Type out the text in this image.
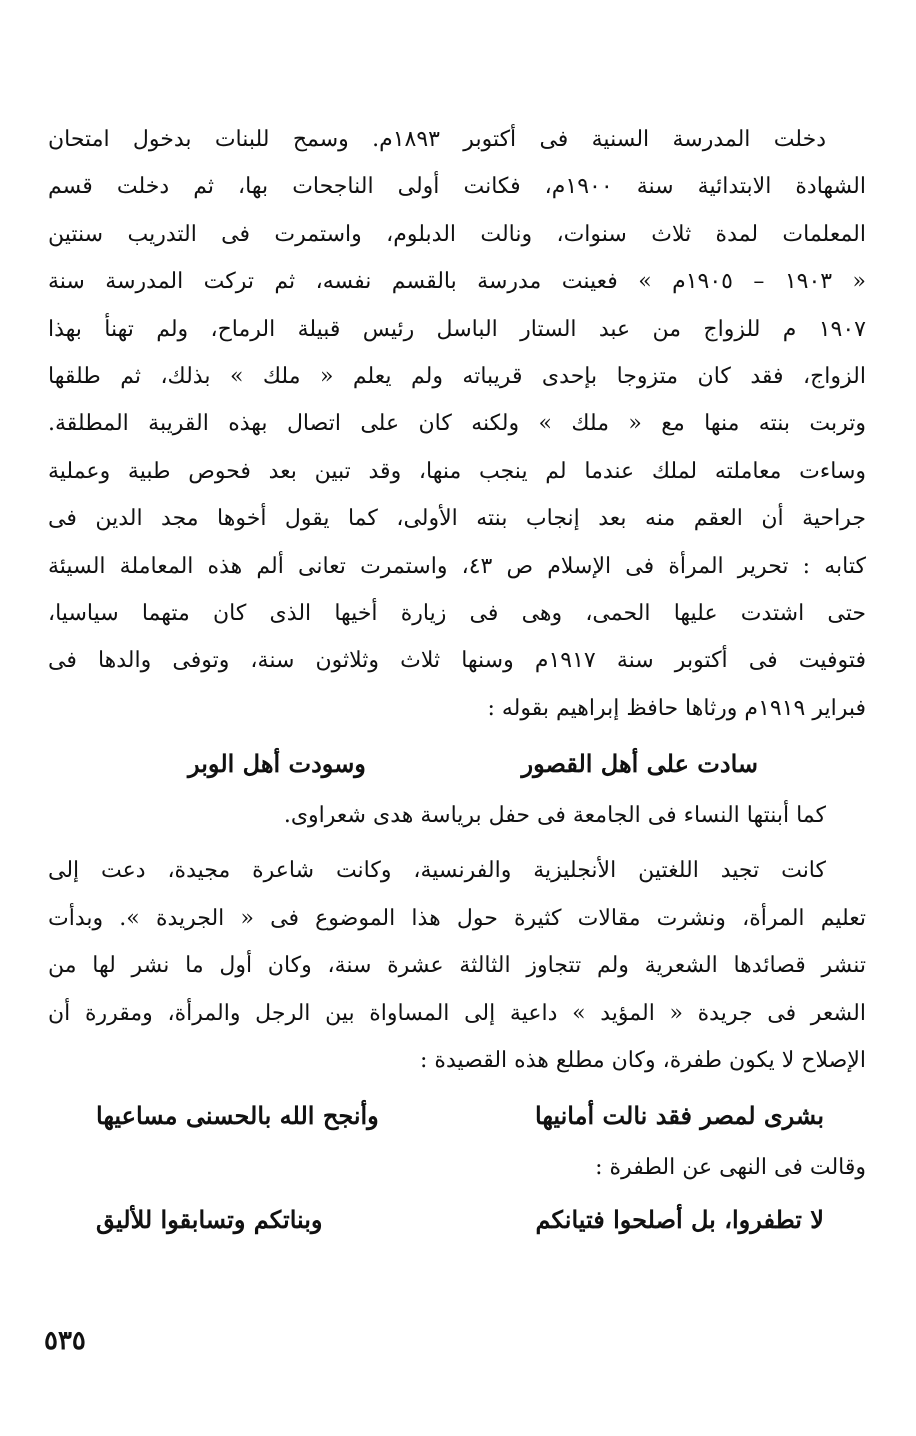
دخلت المدرسة السنية فى أكتوبر ١٨٩٣م. وسمح للبنات بدخول امتحان
الشهادة الابتدائية سنة ١٩٠٠م، فكانت أولى الناجحات بها، ثم دخلت قسم
المعلمات لمدة ثلاث سنوات، ونالت الدبلوم، واستمرت فى التدريب سنتين
« ١٩٠٣ – ١٩٠٥م » فعينت مدرسة بالقسم نفسه، ثم تركت المدرسة سنة
١٩٠٧ م للزواج من عبد الستار الباسل رئيس قبيلة الرماح، ولم تهنأ بهذا
الزواج، فقد كان متزوجا بإحدى قريباته ولم يعلم « ملك » بذلك، ثم طلقها
وتربت بنته منها مع « ملك » ولكنه كان على اتصال بهذه القريبة المطلقة.
وساءت معاملته لملك عندما لم ينجب منها، وقد تبين بعد فحوص طبية وعملية
جراحية أن العقم منه بعد إنجاب بنته الأولى، كما يقول أخوها مجد الدين فى
كتابه : تحرير المرأة فى الإسلام ص ٤٣، واستمرت تعانى ألم هذه المعاملة السيئة
حتى اشتدت عليها الحمى، وهى فى زيارة أخيها الذى كان متهما سياسيا،
فتوفيت فى أكتوبر سنة ١٩١٧م وسنها ثلاث وثلاثون سنة، وتوفى والدها فى
فبراير ١٩١٩م ورثاها حافظ إبراهيم بقوله :
سادت على أهل القصور
وسودت أهل الوبر
كما أبنتها النساء فى الجامعة فى حفل برياسة هدى شعراوى.
كانت تجيد اللغتين الأنجليزية والفرنسية، وكانت شاعرة مجيدة، دعت إلى
تعليم المرأة، ونشرت مقالات كثيرة حول هذا الموضوع فى « الجريدة ». وبدأت
تنشر قصائدها الشعرية ولم تتجاوز الثالثة عشرة سنة، وكان أول ما نشر لها من
الشعر فى جريدة « المؤيد » داعية إلى المساواة بين الرجل والمرأة، ومقررة أن
الإصلاح لا يكون طفرة، وكان مطلع هذه القصيدة :
بشرى لمصر فقد نالت أمانيها
وأنجح الله بالحسنى مساعيها
وقالت فى النهى عن الطفرة :
لا تطفروا، بل أصلحوا فتيانكم
وبناتكم وتسابقوا للأليق
٥٣٥
